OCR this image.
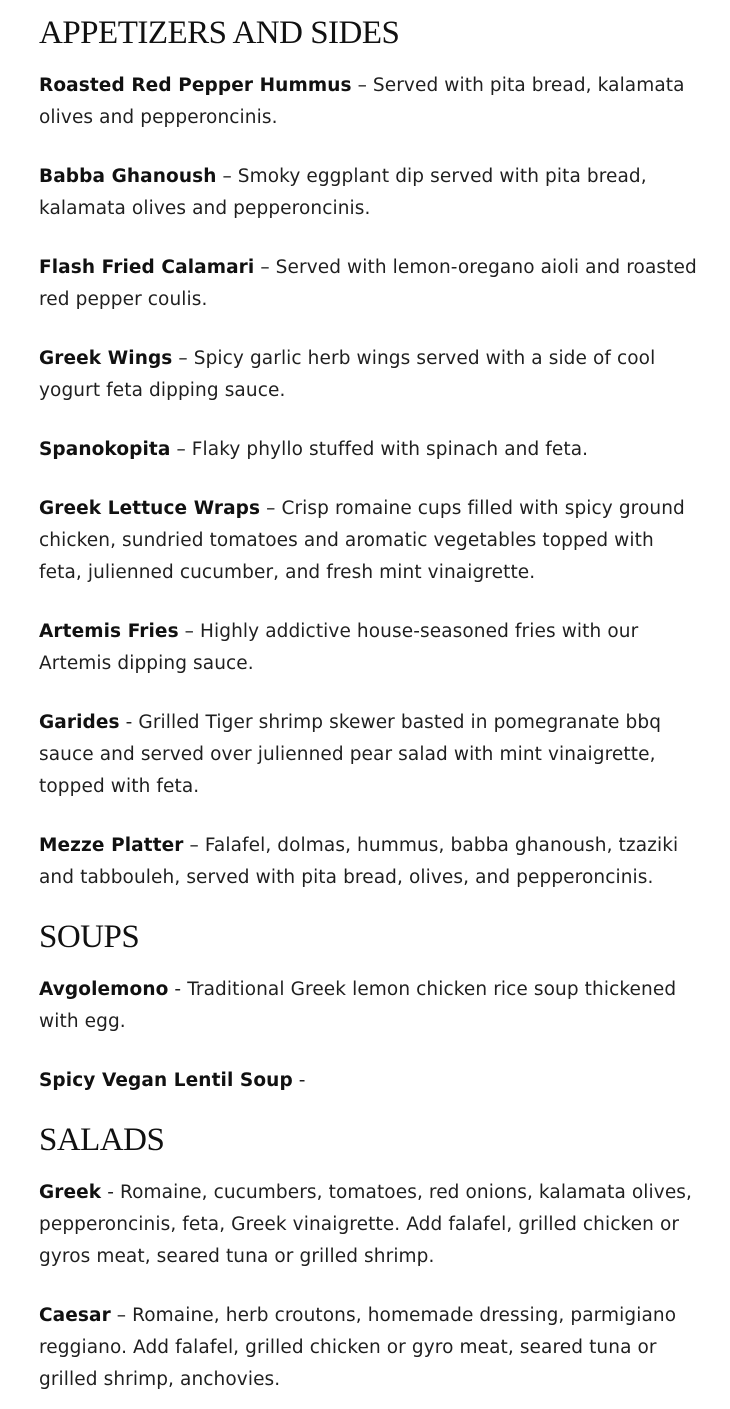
APPETIZERS AND SIDES

Roasted Red Pepper Hummus – Served with pita bread, kalamata olives and pepperoncinis.

Babba Ghanoush – Smoky eggplant dip served with pita bread, kalamata olives and pepperoncinis.

Flash Fried Calamari – Served with lemon-oregano aioli and roasted red pepper coulis.

Greek Wings – Spicy garlic herb wings served with a side of cool yogurt feta dipping sauce.

Spanokopita – Flaky phyllo stuffed with spinach and feta.

Greek Lettuce Wraps – Crisp romaine cups filled with spicy ground chicken, sundried tomatoes and aromatic vegetables topped with feta, julienned cucumber, and fresh mint vinaigrette.

Artemis Fries – Highly addictive house-seasoned fries with our Artemis dipping sauce.

Garides - Grilled Tiger shrimp skewer basted in pomegranate bbq sauce and served over julienned pear salad with mint vinaigrette, topped with feta.

Mezze Platter – Falafel, dolmas, hummus, babba ghanoush, tzaziki and tabbouleh, served with pita bread, olives, and pepperoncinis.

SOUPS

Avgolemono - Traditional Greek lemon chicken rice soup thickened with egg.

Spicy Vegan Lentil Soup -

SALADS

Greek - Romaine, cucumbers, tomatoes, red onions, kalamata olives, pepperoncinis, feta, Greek vinaigrette. Add falafel, grilled chicken or gyros meat, seared tuna or grilled shrimp.

Caesar – Romaine, herb croutons, homemade dressing, parmigiano reggiano. Add falafel, grilled chicken or gyro meat, seared tuna or grilled shrimp, anchovies.
